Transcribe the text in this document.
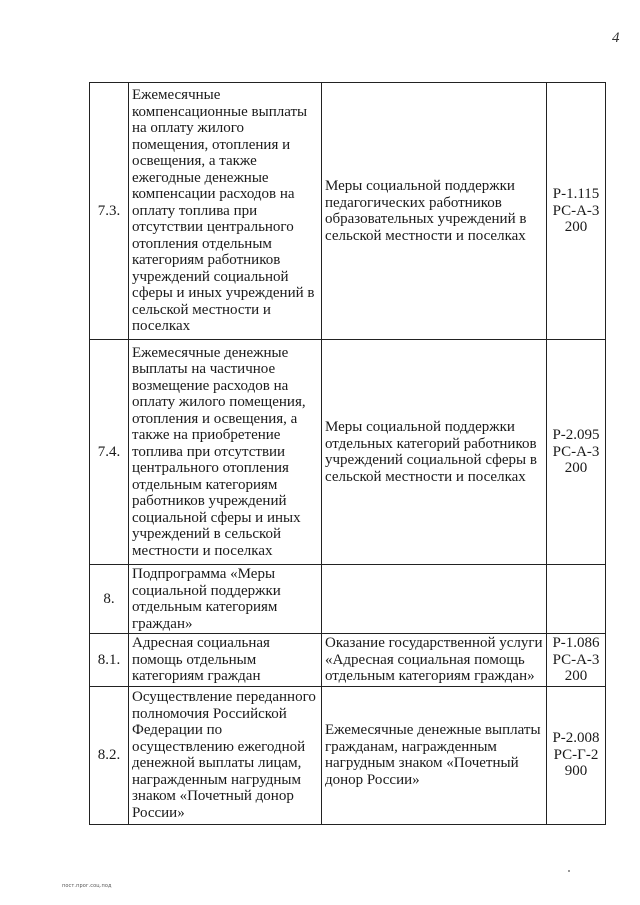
4
7.3.	Ежемесячные компенсационные выплаты на оплату жилого помещения, отопления и освещения, а также ежегодные денежные компенсации расходов на оплату топлива при отсутствии центрального отопления отдельным категориям работников учреждений социальной сферы и иных учреждений в сельской местности и поселках	Меры социальной поддержки педагогических работников образовательных учреждений в сельской местности и поселках	Р-1.115 РС-А-3200
7.4.	Ежемесячные денежные выплаты на частичное возмещение расходов на оплату жилого помещения, отопления и освещения, а также на приобретение топлива при отсутствии центрального отопления отдельным категориям работников учреждений социальной сферы и иных учреждений в сельской местности и поселках	Меры социальной поддержки отдельных категорий работников учреждений социальной сферы в сельской местности и поселках	Р-2.095 РС-А-3200
8.	Подпрограмма «Меры социальной поддержки отдельным категориям граждан»		
8.1.	Адресная социальная помощь отдельным категориям граждан	Оказание государственной услуги «Адресная социальная помощь отдельным категориям граждан»	Р-1.086 РС-А-3200
8.2.	Осуществление переданного полномочия Российской Федерации по осуществлению ежегодной денежной выплаты лицам, награжденным нагрудным знаком «Почетный донор России»	Ежемесячные денежные выплаты гражданам, награжденным нагрудным знаком «Почетный донор России»	Р-2.008 РС-Г-2900
пост.прог.соц.под
